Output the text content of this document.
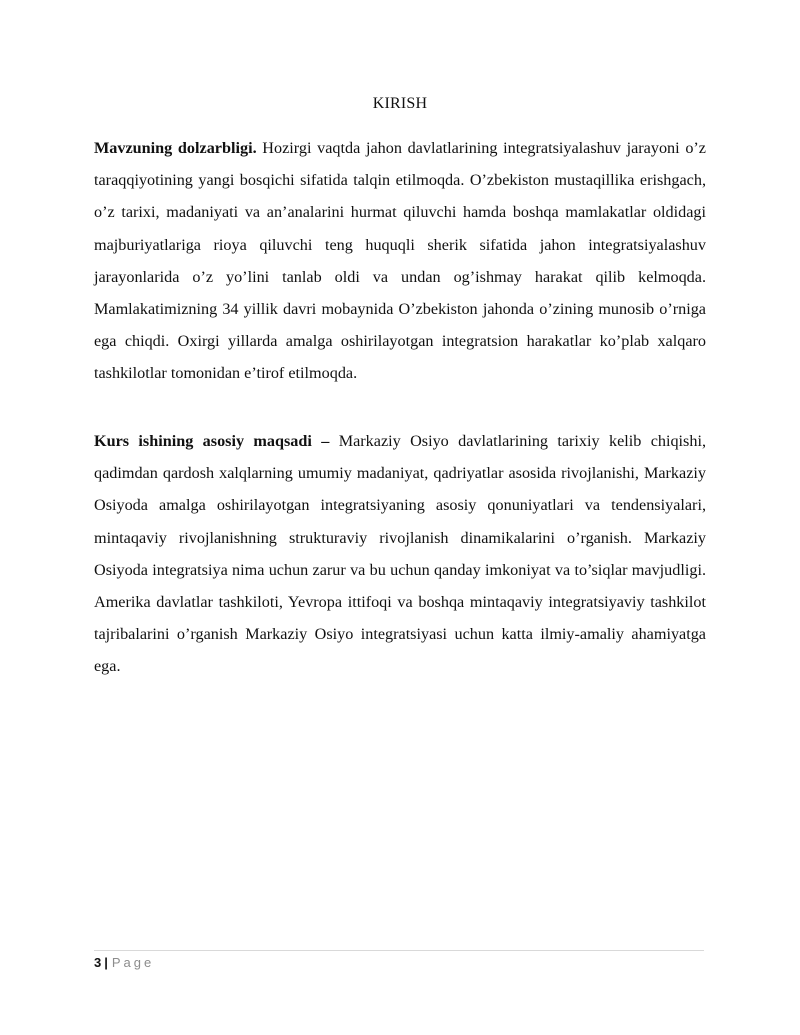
KIRISH

Mavzuning dolzarbligi. Hozirgi vaqtda jahon davlatlarining integratsiyalashuv jarayoni o’z taraqqiyotining yangi bosqichi sifatida talqin etilmoqda. O’zbekiston mustaqillika erishgach, o’z tarixi, madaniyati va an’analarini hurmat qiluvchi hamda boshqa mamlakatlar oldidagi majburiyatlariga rioya qiluvchi teng huquqli sherik sifatida jahon integratsiyalashuv jarayonlarida o’z yo’lini tanlab oldi va undan og’ishmay harakat qilib kelmoqda. Mamlakatimizning 34 yillik davri mobaynida O’zbekiston jahonda o’zining munosib o’rniga ega chiqdi. Oxirgi yillarda amalga oshirilayotgan integratsion harakatlar ko’plab xalqaro tashkilotlar tomonidan e’tirof etilmoqda.

Kurs ishining asosiy maqsadi – Markaziy Osiyo davlatlarining tarixiy kelib chiqishi, qadimdan qardosh xalqlarning umumiy madaniyat, qadriyatlar asosida rivojlanishi, Markaziy Osiyoda amalga oshirilayotgan integratsiyaning asosiy qonuniyatlari va tendensiyalari, mintaqaviy rivojlanishning strukturaviy rivojlanish dinamikalarini o’rganish. Markaziy Osiyoda integratsiya nima uchun zarur va bu uchun qanday imkoniyat va to’siqlar mavjudligi. Amerika davlatlar tashkiloti, Yevropa ittifoqi va boshqa mintaqaviy integratsiyaviy tashkilot tajribalarini o’rganish Markaziy Osiyo integratsiyasi uchun katta ilmiy-amaliy ahamiyatga ega.

3 | Page
